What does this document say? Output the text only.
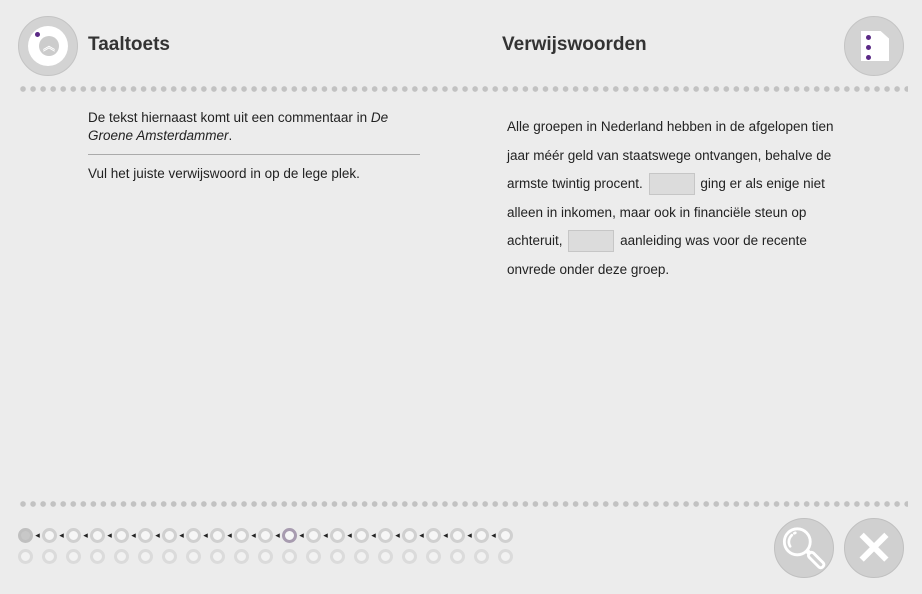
︽ Taaltoets	Verwijswoorden
De tekst hiernaast komt uit een commentaar in De Groene Amsterdammer.
Vul het juiste verwijswoord in op de lege plek.
Alle groepen in Nederland hebben in de afgelopen tien jaar méér geld van staatswege ontvangen, behalve de armste twintig procent.	ging er als enige niet alleen in inkomen, maar ook in financiële steun op achteruit,	aanleiding was voor de recente onvrede onder deze groep.
◂ ◂ ◂ ◂ ◂ ◂ ◂ ◂ ◂ ◂ ◂ ◂ ◂ ◂ ◂ ◂ ◂ ◂ ◂ ◂	🔍︎ ✕
